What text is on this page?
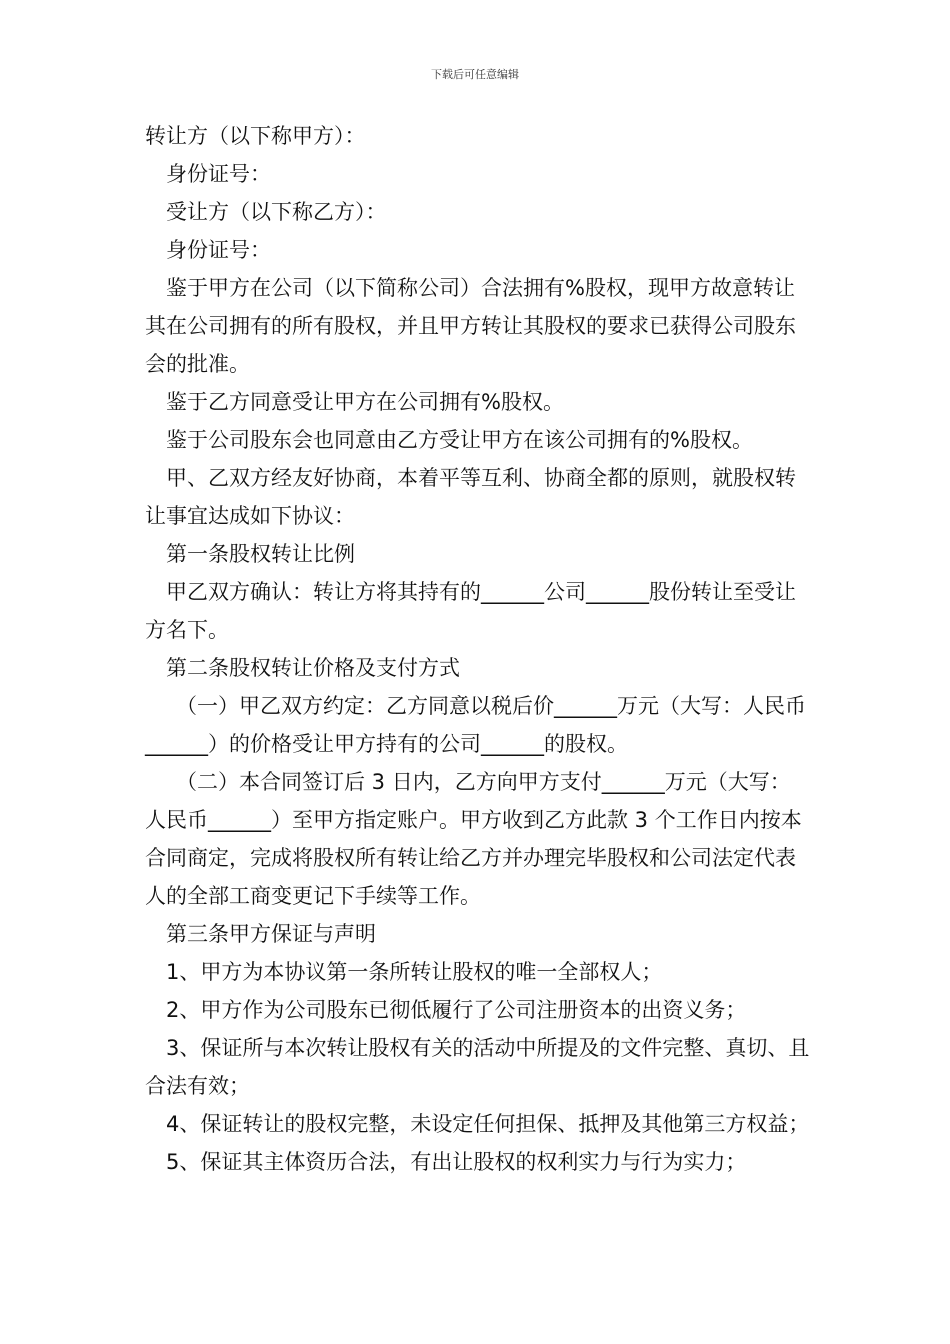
下载后可任意编辑

转让方（以下称甲方）：

身份证号：

受让方（以下称乙方）：

身份证号：

鉴于甲方在公司（以下简称公司）合法拥有%股权，现甲方故意转让其在公司拥有的所有股权，并且甲方转让其股权的要求已获得公司股东会的批准。

鉴于乙方同意受让甲方在公司拥有%股权。

鉴于公司股东会也同意由乙方受让甲方在该公司拥有的%股权。

甲、乙双方经友好协商，本着平等互利、协商全都的原则，就股权转让事宜达成如下协议：

第一条股权转让比例

甲乙双方确认：转让方将其持有的______公司______股份转让至受让方名下。

第二条股权转让价格及支付方式

（一）甲乙双方约定：乙方同意以税后价______万元（大写：人民币______）的价格受让甲方持有的公司______的股权。

（二）本合同签订后 3 日内，乙方向甲方支付______万元（大写：人民币______）至甲方指定账户。甲方收到乙方此款 3 个工作日内按本合同商定，完成将股权所有转让给乙方并办理完毕股权和公司法定代表人的全部工商变更记下手续等工作。

第三条甲方保证与声明

1、甲方为本协议第一条所转让股权的唯一全部权人；

2、甲方作为公司股东已彻低履行了公司注册资本的出资义务；

3、保证所与本次转让股权有关的活动中所提及的文件完整、真切、且合法有效；

4、保证转让的股权完整，未设定任何担保、抵押及其他第三方权益；

5、保证其主体资历合法，有出让股权的权利实力与行为实力；
